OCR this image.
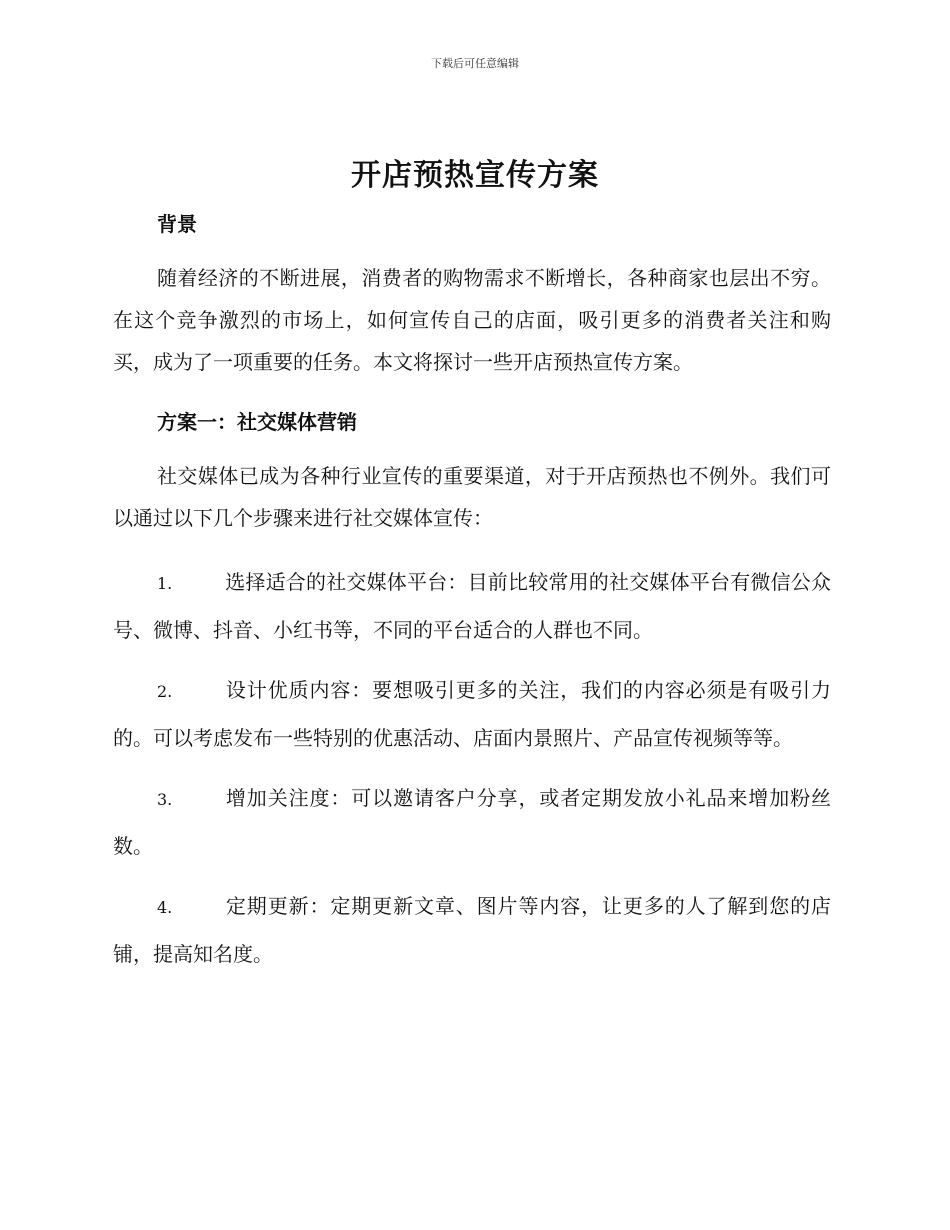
下载后可任意编辑
开店预热宣传方案

背景

随着经济的不断进展，消费者的购物需求不断增长，各种商家也层出不穷。在这个竞争激烈的市场上，如何宣传自己的店面，吸引更多的消费者关注和购买，成为了一项重要的任务。本文将探讨一些开店预热宣传方案。

方案一：社交媒体营销

社交媒体已成为各种行业宣传的重要渠道，对于开店预热也不例外。我们可以通过以下几个步骤来进行社交媒体宣传：

1.	选择适合的社交媒体平台：目前比较常用的社交媒体平台有微信公众号、微博、抖音、小红书等，不同的平台适合的人群也不同。

2.	设计优质内容：要想吸引更多的关注，我们的内容必须是有吸引力的。可以考虑发布一些特别的优惠活动、店面内景照片、产品宣传视频等等。

3.	增加关注度：可以邀请客户分享，或者定期发放小礼品来增加粉丝数。

4.	定期更新：定期更新文章、图片等内容，让更多的人了解到您的店铺，提高知名度。
